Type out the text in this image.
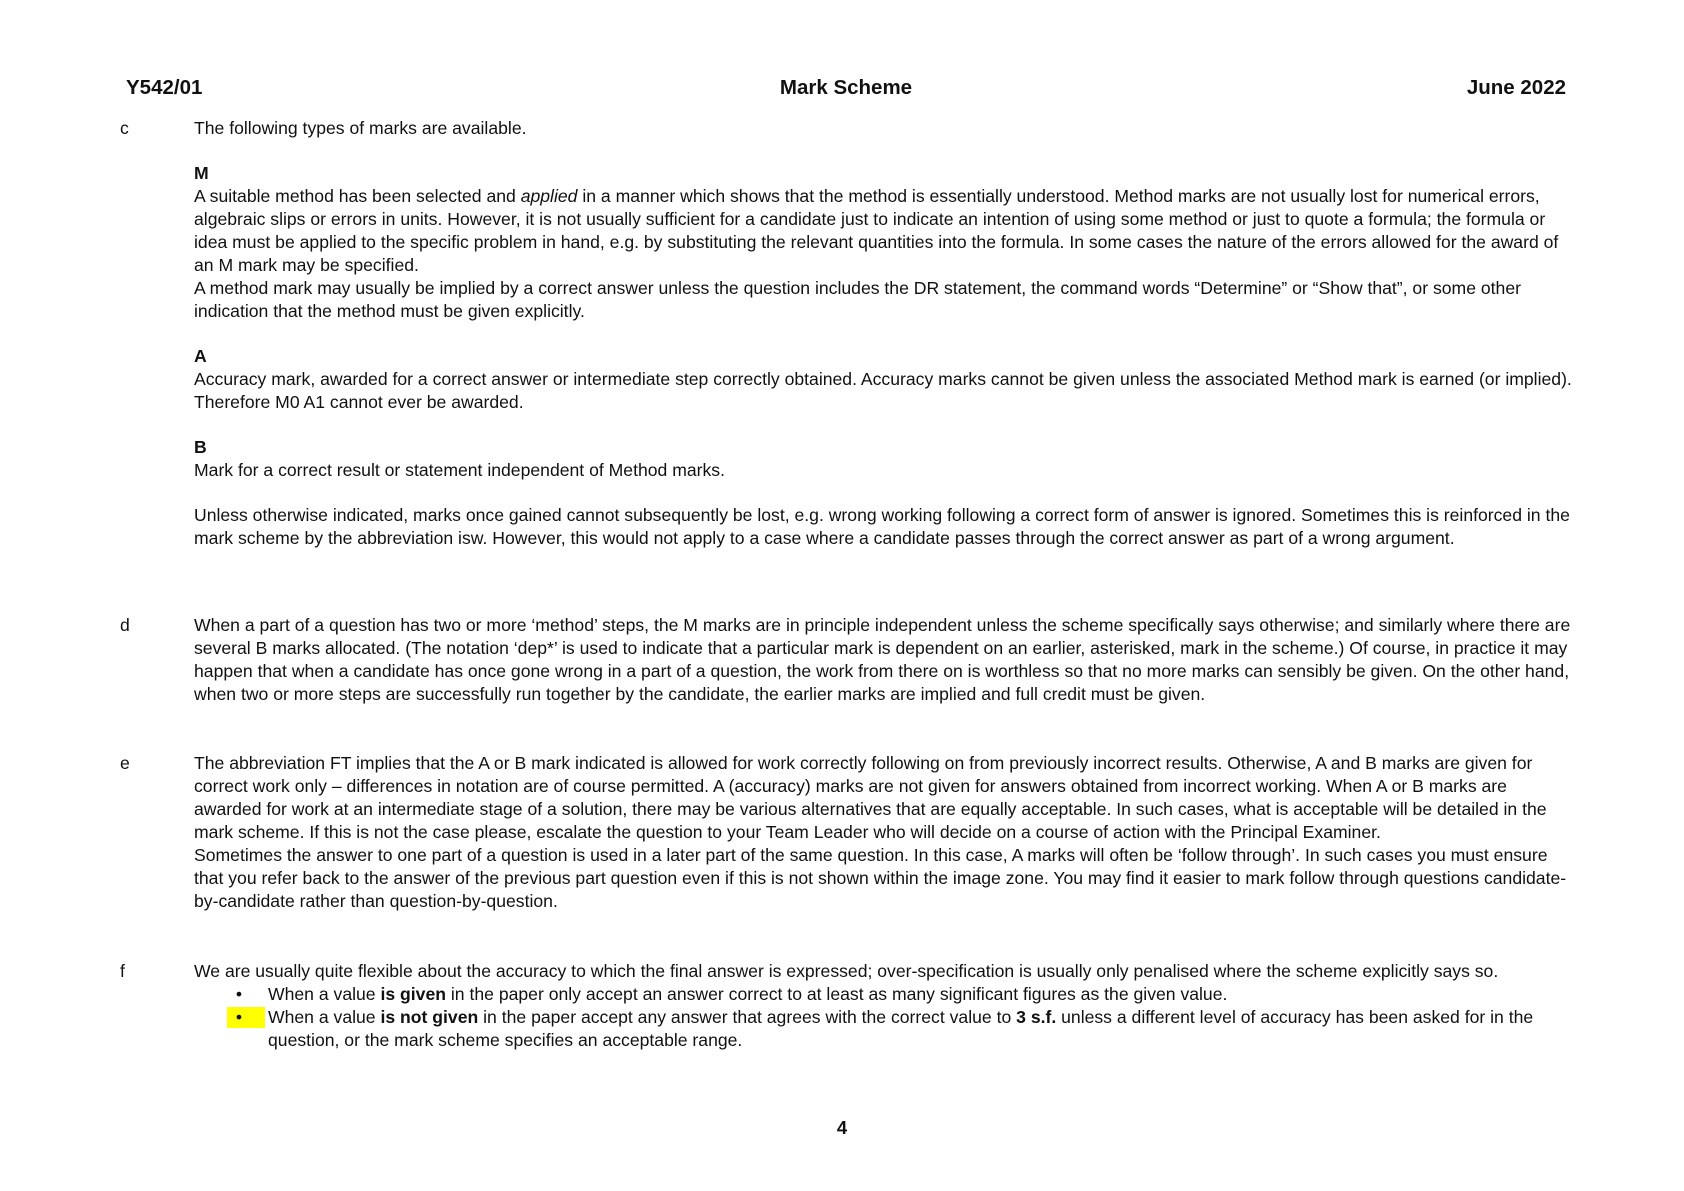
Y542/01	Mark Scheme	June 2022
c	The following types of marks are available.

M

A suitable method has been selected and applied in a manner which shows that the method is essentially understood. Method marks are not usually lost for numerical errors, algebraic slips or errors in units. However, it is not usually sufficient for a candidate just to indicate an intention of using some method or just to quote a formula; the formula or idea must be applied to the specific problem in hand, e.g. by substituting the relevant quantities into the formula. In some cases the nature of the errors allowed for the award of an M mark may be specified.

A method mark may usually be implied by a correct answer unless the question includes the DR statement, the command words “Determine” or “Show that”, or some other indication that the method must be given explicitly.

A

Accuracy mark, awarded for a correct answer or intermediate step correctly obtained. Accuracy marks cannot be given unless the associated Method mark is earned (or implied). Therefore M0 A1 cannot ever be awarded.

B

Mark for a correct result or statement independent of Method marks.

Unless otherwise indicated, marks once gained cannot subsequently be lost, e.g. wrong working following a correct form of answer is ignored. Sometimes this is reinforced in the mark scheme by the abbreviation isw. However, this would not apply to a case where a candidate passes through the correct answer as part of a wrong argument.

d	When a part of a question has two or more ‘method’ steps, the M marks are in principle independent unless the scheme specifically says otherwise; and similarly where there are several B marks allocated. (The notation ‘dep*’ is used to indicate that a particular mark is dependent on an earlier, asterisked, mark in the scheme.) Of course, in practice it may happen that when a candidate has once gone wrong in a part of a question, the work from there on is worthless so that no more marks can sensibly be given. On the other hand, when two or more steps are successfully run together by the candidate, the earlier marks are implied and full credit must be given.

e	The abbreviation FT implies that the A or B mark indicated is allowed for work correctly following on from previously incorrect results. Otherwise, A and B marks are given for correct work only – differences in notation are of course permitted. A (accuracy) marks are not given for answers obtained from incorrect working. When A or B marks are awarded for work at an intermediate stage of a solution, there may be various alternatives that are equally acceptable. In such cases, what is acceptable will be detailed in the mark scheme. If this is not the case please, escalate the question to your Team Leader who will decide on a course of action with the Principal Examiner.

Sometimes the answer to one part of a question is used in a later part of the same question. In this case, A marks will often be ‘follow through’. In such cases you must ensure that you refer back to the answer of the previous part question even if this is not shown within the image zone. You may find it easier to mark follow through questions candidate-by-candidate rather than question-by-question.

f	We are usually quite flexible about the accuracy to which the final answer is expressed; over-specification is usually only penalised where the scheme explicitly says so.

•	When a value is given in the paper only accept an answer correct to at least as many significant figures as the given value.
•	When a value is not given in the paper accept any answer that agrees with the correct value to 3 s.f. unless a different level of accuracy has been asked for in the question, or the mark scheme specifies an acceptable range.
4
